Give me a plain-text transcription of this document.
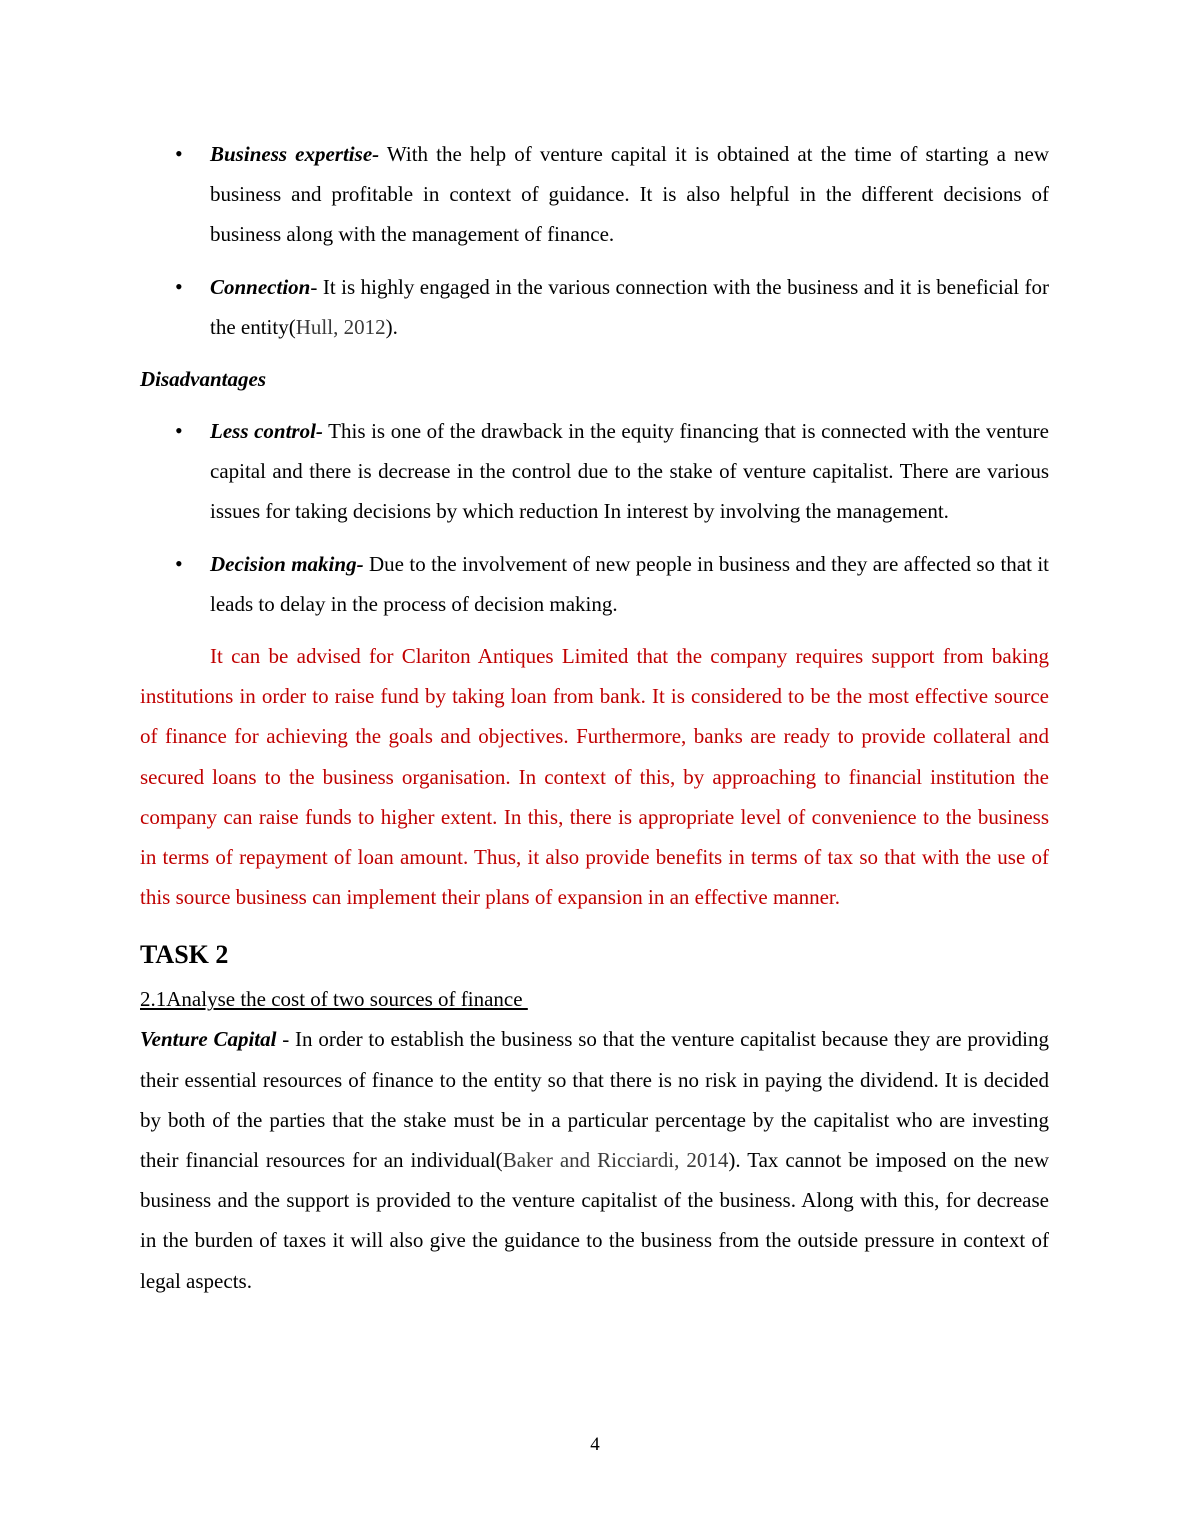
•	Business expertise- With the help of venture capital it is obtained at the time of starting a new business and profitable in context of guidance. It is also helpful in the different decisions of business along with the management of finance.
•	Connection- It is highly engaged in the various connection with the business and it is beneficial for the entity(Hull, 2012).

Disadvantages

•	Less control- This is one of the drawback in the equity financing that is connected with the venture capital and there is decrease in the control due to the stake of venture capitalist. There are various issues for taking decisions by which reduction In interest by involving the management.
•	Decision making- Due to the involvement of new people in business and they are affected so that it leads to delay in the process of decision making.

It can be advised for Clariton Antiques Limited that the company requires support from baking institutions in order to raise fund by taking loan from bank. It is considered to be the most effective source of finance for achieving the goals and objectives. Furthermore, banks are ready to provide collateral and secured loans to the business organisation. In context of this, by approaching to financial institution the company can raise funds to higher extent. In this, there is appropriate level of convenience to the business in terms of repayment of loan amount. Thus, it also provide benefits in terms of tax so that with the use of this source business can implement their plans of expansion in an effective manner.

TASK 2

2.1Analyse the cost of two sources of finance

Venture Capital - In order to establish the business so that the venture capitalist because they are providing their essential resources of finance to the entity so that there is no risk in paying the dividend. It is decided by both of the parties that the stake must be in a particular percentage by the capitalist who are investing their financial resources for an individual(Baker and Ricciardi, 2014). Tax cannot be imposed on the new business and the support is provided to the venture capitalist of the business. Along with this, for decrease in the burden of taxes it will also give the guidance to the business from the outside pressure in context of legal aspects.

4
